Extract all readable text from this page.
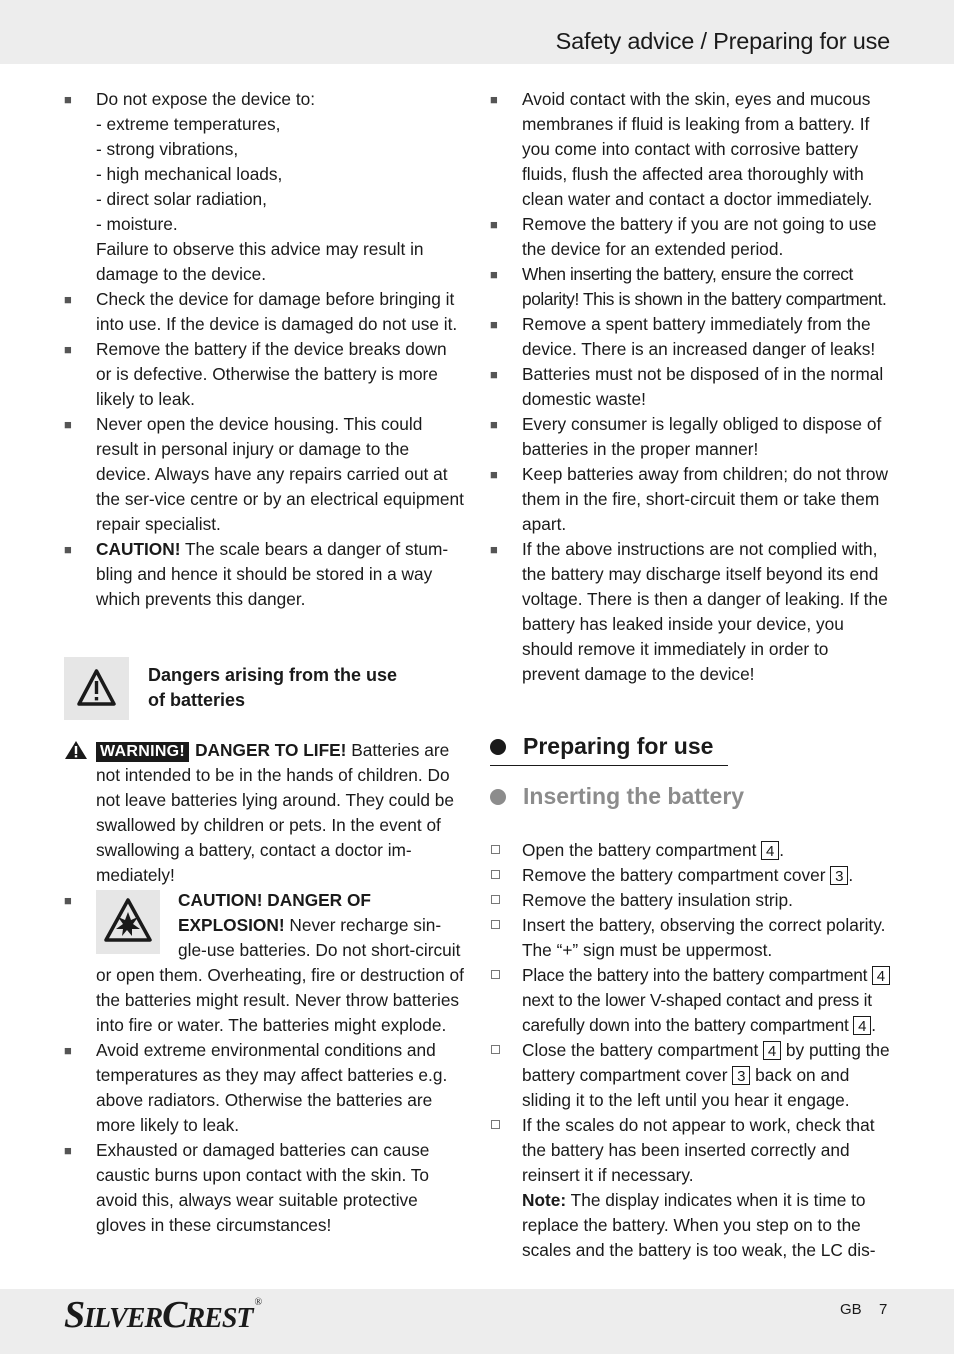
Safety advice / Preparing for use
■	Do not expose the device to:
- extreme temperatures,
- strong vibrations,
- high mechanical loads,
- direct solar radiation,
- moisture.
Failure to observe this advice may result in damage to the device.
■	Check the device for damage before bringing it into use. If the device is damaged do not use it.
■	Remove the battery if the device breaks down or is defective. Otherwise the battery is more likely to leak.
■	Never open the device housing. This could result in personal injury or damage to the device. Always have any repairs carried out at the ser-vice centre or by an electrical equipment repair specialist.
■	CAUTION! The scale bears a danger of stum-bling and hence it should be stored in a way which prevents this danger.
Dangers arising from the use of batteries
WARNING! DANGER TO LIFE! Batteries are not intended to be in the hands of children. Do not leave batteries lying around. They could be swallowed by children or pets. In the event of swallowing a battery, contact a doctor im-mediately!
■	CAUTION! DANGER OF EXPLOSION! Never recharge sin-gle-use batteries. Do not short-circuit or open them. Overheating, fire or destruction of the batteries might result. Never throw batteries into fire or water. The batteries might explode.
■	Avoid extreme environmental conditions and temperatures as they may affect batteries e.g. above radiators. Otherwise the batteries are more likely to leak.
■	Exhausted or damaged batteries can cause caustic burns upon contact with the skin. To avoid this, always wear suitable protective gloves in these circumstances!
■	Avoid contact with the skin, eyes and mucous membranes if fluid is leaking from a battery. If you come into contact with corrosive battery fluids, flush the affected area thoroughly with clean water and contact a doctor immediately.
■	Remove the battery if you are not going to use the device for an extended period.
■	When inserting the battery, ensure the correct polarity! This is shown in the battery compartment.
■	Remove a spent battery immediately from the device. There is an increased danger of leaks!
■	Batteries must not be disposed of in the normal domestic waste!
■	Every consumer is legally obliged to dispose of batteries in the proper manner!
■	Keep batteries away from children; do not throw them in the fire, short-circuit them or take them apart.
■	If the above instructions are not complied with, the battery may discharge itself beyond its end voltage. There is then a danger of leaking. If the battery has leaked inside your device, you should remove it immediately in order to prevent damage to the device!
Preparing for use
Inserting the battery
Open the battery compartment 4 .
Remove the battery compartment cover 3 .
Remove the battery insulation strip.
Insert the battery, observing the correct polarity. The “+” sign must be uppermost.
Place the battery into the battery compartment 4 next to the lower V-shaped contact and press it carefully down into the battery compartment 4 .
Close the battery compartment 4 by putting the battery compartment cover 3 back on and sliding it to the left until you hear it engage.
If the scales do not appear to work, check that the battery has been inserted correctly and reinsert it if necessary.
Note: The display indicates when it is time to replace the battery. When you step on to the scales and the battery is too weak, the LC dis-
SILVERCREST®	GB 7
